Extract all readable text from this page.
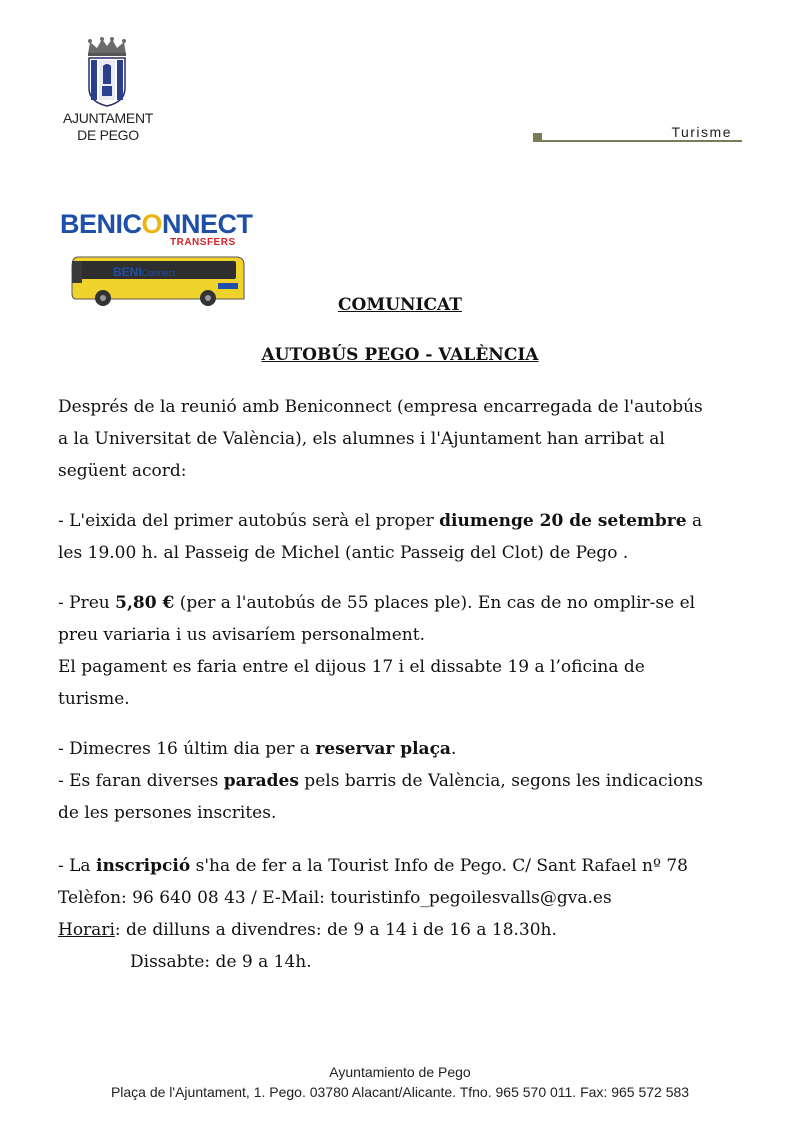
AJUNTAMENT
DE PEGO	Turisme
BENICONNECT
TRANSFERS
BENIConnect
COMUNICAT
AUTOBÚS PEGO - VALÈNCIA
Després de la reunió amb Beniconnect (empresa encarregada de l'autobús
a la Universitat de València), els alumnes i l'Ajuntament han arribat al
següent acord:
- L'eixida del primer autobús serà el proper diumenge 20 de setembre a
les 19.00 h. al Passeig de Michel (antic Passeig del Clot) de Pego .
- Preu 5,80 € (per a l'autobús de 55 places ple). En cas de no omplir-se el
preu variaria i us avisaríem personalment.
El pagament es faria entre el dijous 17 i el dissabte 19 a l’oficina de
turisme.
- Dimecres 16 últim dia per a reservar plaça.
- Es faran diverses parades pels barris de València, segons les indicacions
de les persones inscrites.
- La inscripció s'ha de fer a la Tourist Info de Pego. C/ Sant Rafael nº 78
Telèfon: 96 640 08 43 / E-Mail: touristinfo_pegoilesvalls@gva.es
Horari: de dilluns a divendres: de 9 a 14 i de 16 a 18.30h.
Dissabte: de 9 a 14h.
Ayuntamiento de Pego
Plaça de l'Ajuntament, 1. Pego. 03780 Alacant/Alicante. Tfno. 965 570 011. Fax: 965 572 583
